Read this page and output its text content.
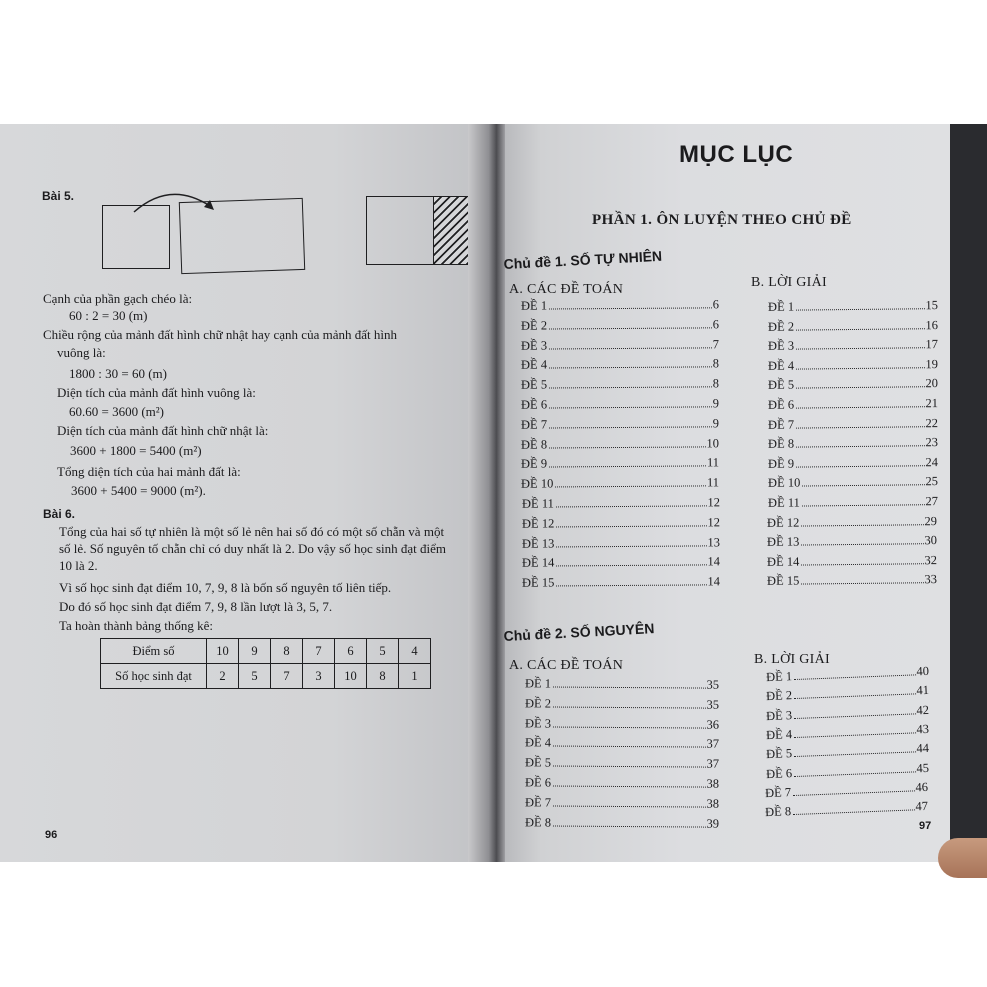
Bài 5.
Cạnh của phần gạch chéo là:
60 : 2 = 30 (m)
Chiều rộng của mảnh đất hình chữ nhật hay cạnh của mảnh đất hình
vuông là:
1800 : 30 = 60 (m)
Diện tích của mảnh đất hình vuông là:
60.60 = 3600 (m²)
Diện tích của mảnh đất hình chữ nhật là:
3600 + 1800 = 5400 (m²)
Tổng diện tích của hai mảnh đất là:
3600 + 5400 = 9000 (m²).
Bài 6.
Tổng của hai số tự nhiên là một số lẻ nên hai số đó có một số chẵn và một
số lẻ. Số nguyên tố chẵn chỉ có duy nhất là 2. Do vậy số học sinh đạt điểm
10 là 2.
Vì số học sinh đạt điểm 10, 7, 9, 8 là bốn số nguyên tố liên tiếp.
Do đó số học sinh đạt điểm 7, 9, 8 lần lượt là 3, 5, 7.
Ta hoàn thành bảng thống kê:
Điểm số	10	9	8	7	6	5	4
Số học sinh đạt	2	5	7	3	10	8	1
96
MỤC LỤC
PHẦN 1. ÔN LUYỆN THEO CHỦ ĐỀ
Chủ đề 1. SỐ TỰ NHIÊN
A. CÁC ĐỀ TOÁN	B. LỜI GIẢI
ĐỀ 1	6
ĐỀ 2	6
ĐỀ 3	7
ĐỀ 4	8
ĐỀ 5	8
ĐỀ 6	9
ĐỀ 7	9
ĐỀ 8	10
ĐỀ 9	11
ĐỀ 10	11
ĐỀ 11	12
ĐỀ 12	12
ĐỀ 13	13
ĐỀ 14	14
ĐỀ 15	14
ĐỀ 1	15
ĐỀ 2	16
ĐỀ 3	17
ĐỀ 4	19
ĐỀ 5	20
ĐỀ 6	21
ĐỀ 7	22
ĐỀ 8	23
ĐỀ 9	24
ĐỀ 10	25
ĐỀ 11	27
ĐỀ 12	29
ĐỀ 13	30
ĐỀ 14	32
ĐỀ 15	33
Chủ đề 2. SỐ NGUYÊN
A. CÁC ĐỀ TOÁN	B. LỜI GIẢI
ĐỀ 1	35
ĐỀ 2	35
ĐỀ 3	36
ĐỀ 4	37
ĐỀ 5	37
ĐỀ 6	38
ĐỀ 7	38
ĐỀ 8	39
ĐỀ 1	40
ĐỀ 2	41
ĐỀ 3	42
ĐỀ 4	43
ĐỀ 5	44
ĐỀ 6	45
ĐỀ 7	46
ĐỀ 8	47
97
